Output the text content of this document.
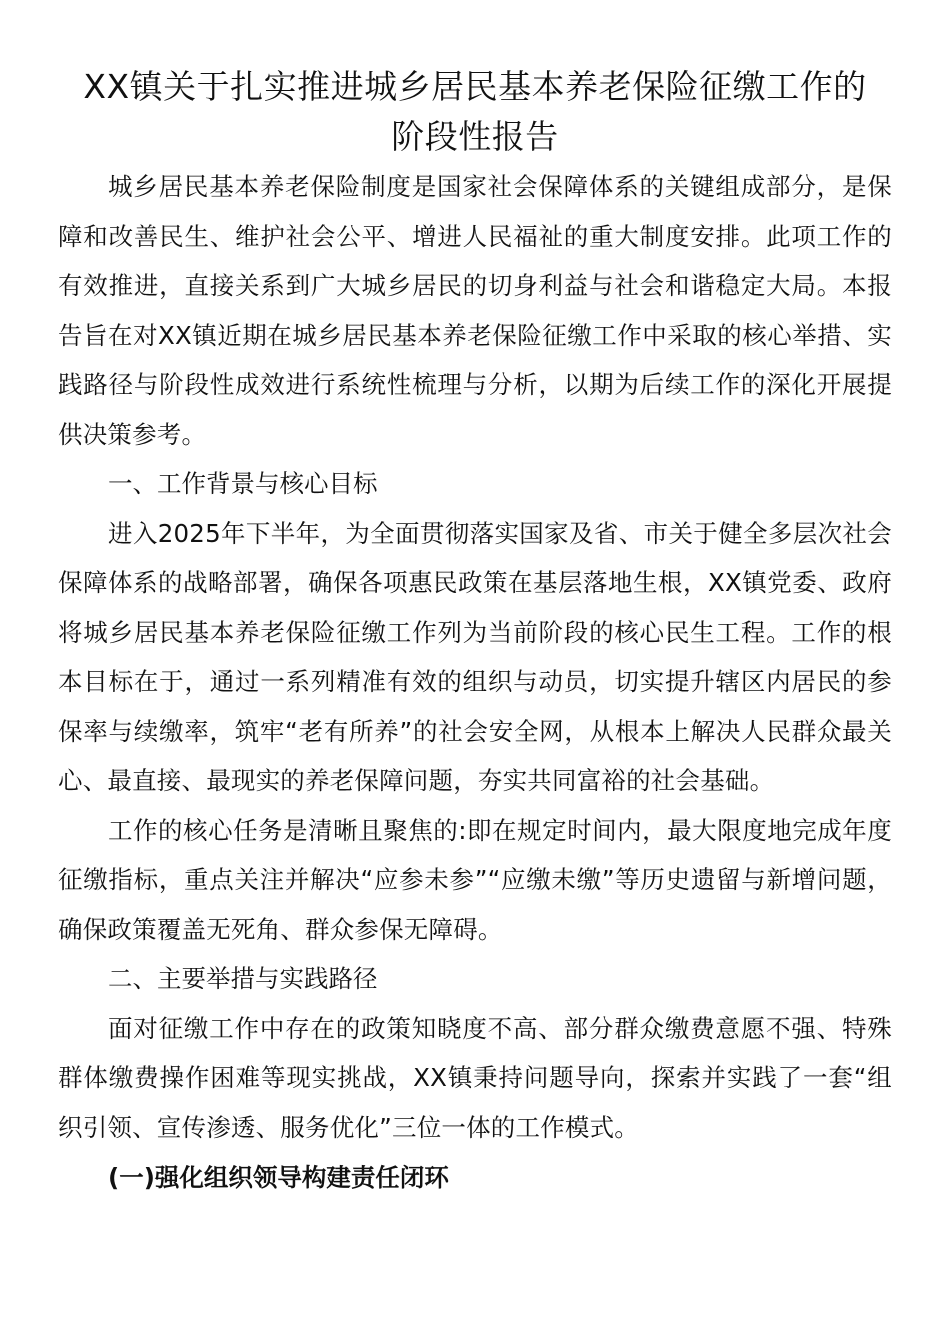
XX镇关于扎实推进城乡居民基本养老保险征缴工作的
阶段性报告

城乡居民基本养老保险制度是国家社会保障体系的关键组成部分，是保障和改善民生、维护社会公平、增进人民福祉的重大制度安排。此项工作的有效推进，直接关系到广大城乡居民的切身利益与社会和谐稳定大局。本报告旨在对XX镇近期在城乡居民基本养老保险征缴工作中采取的核心举措、实践路径与阶段性成效进行系统性梳理与分析，以期为后续工作的深化开展提供决策参考。

一、工作背景与核心目标

进入2025年下半年，为全面贯彻落实国家及省、市关于健全多层次社会保障体系的战略部署，确保各项惠民政策在基层落地生根，XX镇党委、政府将城乡居民基本养老保险征缴工作列为当前阶段的核心民生工程。工作的根本目标在于，通过一系列精准有效的组织与动员，切实提升辖区内居民的参保率与续缴率，筑牢“老有所养”的社会安全网，从根本上解决人民群众最关心、最直接、最现实的养老保障问题，夯实共同富裕的社会基础。

工作的核心任务是清晰且聚焦的:即在规定时间内，最大限度地完成年度征缴指标，重点关注并解决“应参未参”“应缴未缴”等历史遗留与新增问题，确保政策覆盖无死角、群众参保无障碍。

二、主要举措与实践路径

面对征缴工作中存在的政策知晓度不高、部分群众缴费意愿不强、特殊群体缴费操作困难等现实挑战，XX镇秉持问题导向，探索并实践了一套“组织引领、宣传渗透、服务优化”三位一体的工作模式。

(一)强化组织领导构建责任闭环
